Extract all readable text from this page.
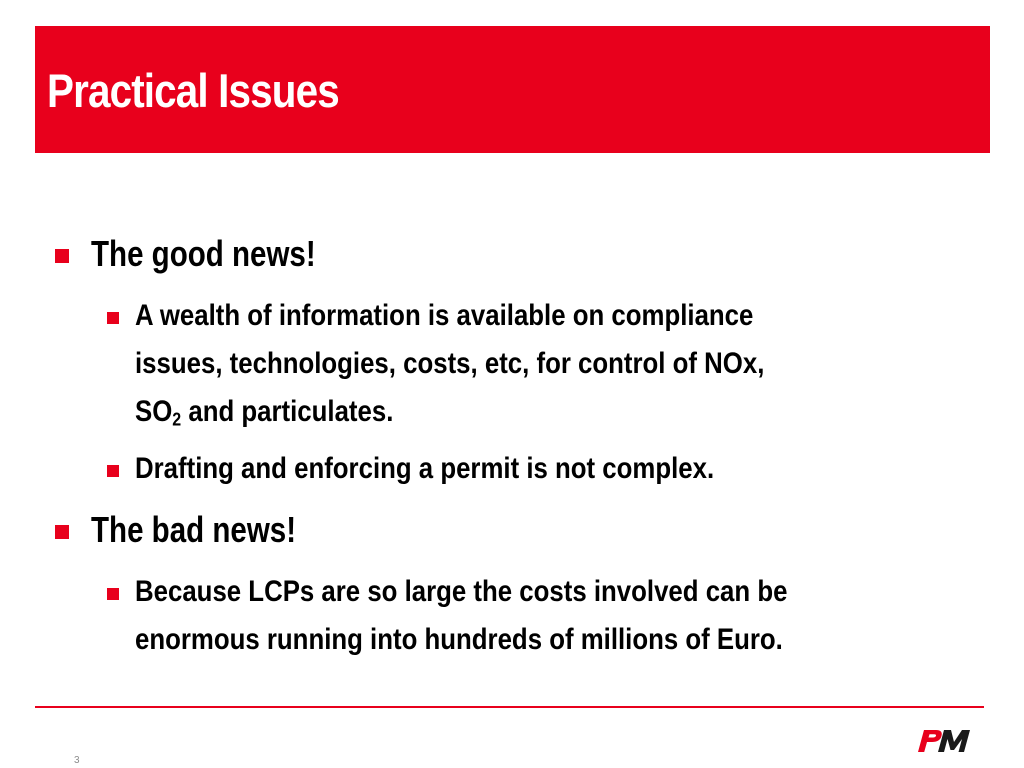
Practical Issues
The good news!
A wealth of information is available on compliance
issues, technologies, costs, etc, for control of NOx,
$SO_2$ and particulates.
Drafting and enforcing a permit is not complex.
The bad news!
Because LCPs are so large the costs involved can be
enormous running into hundreds of millions of Euro.
3
